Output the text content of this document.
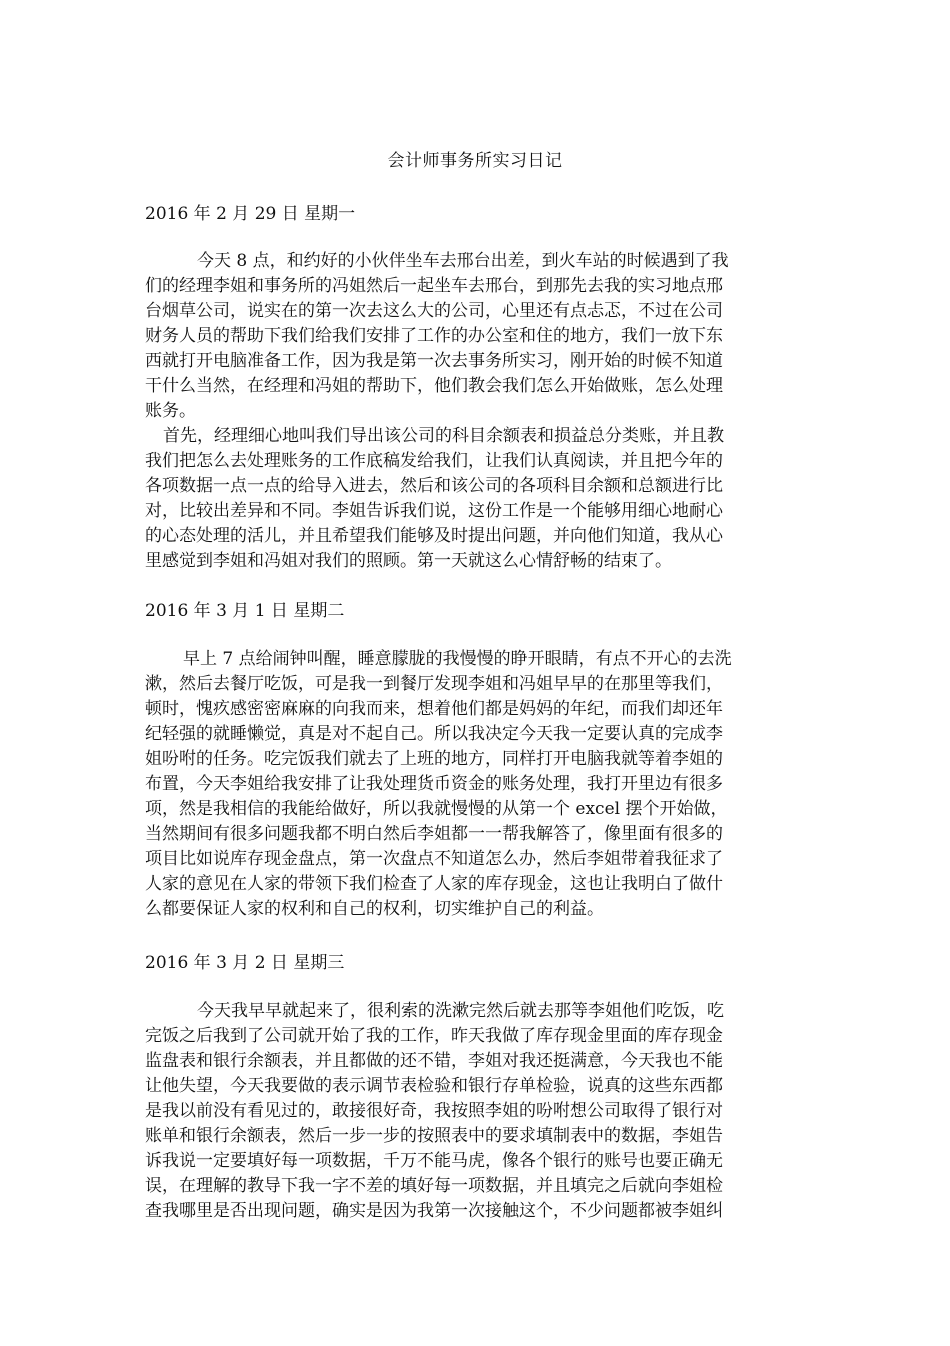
会计师事务所实习日记
2016 年 2 月 29 日 星期一
今天 8 点，和约好的小伙伴坐车去邢台出差，到火车站的时候遇到了我
们的经理李姐和事务所的冯姐然后一起坐车去邢台，到那先去我的实习地点邢
台烟草公司，说实在的第一次去这么大的公司，心里还有点忐忑，不过在公司
财务人员的帮助下我们给我们安排了工作的办公室和住的地方，我们一放下东
西就打开电脑准备工作，因为我是第一次去事务所实习，刚开始的时候不知道
干什么当然，在经理和冯姐的帮助下，他们教会我们怎么开始做账，怎么处理
账务。
首先，经理细心地叫我们导出该公司的科目余额表和损益总分类账，并且教
我们把怎么去处理账务的工作底稿发给我们，让我们认真阅读，并且把今年的
各项数据一点一点的给导入进去，然后和该公司的各项科目余额和总额进行比
对，比较出差异和不同。李姐告诉我们说，这份工作是一个能够用细心地耐心
的心态处理的活儿，并且希望我们能够及时提出问题，并向他们知道，我从心
里感觉到李姐和冯姐对我们的照顾。第一天就这么心情舒畅的结束了。
2016 年 3 月 1 日 星期二
早上 7 点给闹钟叫醒，睡意朦胧的我慢慢的睁开眼睛，有点不开心的去洗
漱，然后去餐厅吃饭，可是我一到餐厅发现李姐和冯姐早早的在那里等我们，
顿时，愧疚感密密麻麻的向我而来，想着他们都是妈妈的年纪，而我们却还年
纪轻强的就睡懒觉，真是对不起自己。所以我决定今天我一定要认真的完成李
姐吩咐的任务。吃完饭我们就去了上班的地方，同样打开电脑我就等着李姐的
布置，今天李姐给我安排了让我处理货币资金的账务处理，我打开里边有很多
项，然是我相信的我能给做好，所以我就慢慢的从第一个 excel 摆个开始做，
当然期间有很多问题我都不明白然后李姐都一一帮我解答了，像里面有很多的
项目比如说库存现金盘点，第一次盘点不知道怎么办，然后李姐带着我征求了
人家的意见在人家的带领下我们检查了人家的库存现金，这也让我明白了做什
么都要保证人家的权利和自己的权利，切实维护自己的利益。
2016 年 3 月 2 日 星期三
今天我早早就起来了，很利索的洗漱完然后就去那等李姐他们吃饭，吃
完饭之后我到了公司就开始了我的工作，昨天我做了库存现金里面的库存现金
监盘表和银行余额表，并且都做的还不错，李姐对我还挺满意，今天我也不能
让他失望，今天我要做的表示调节表检验和银行存单检验，说真的这些东西都
是我以前没有看见过的，敢接很好奇，我按照李姐的吩咐想公司取得了银行对
账单和银行余额表，然后一步一步的按照表中的要求填制表中的数据，李姐告
诉我说一定要填好每一项数据，千万不能马虎，像各个银行的账号也要正确无
误，在理解的教导下我一字不差的填好每一项数据，并且填完之后就向李姐检
查我哪里是否出现问题，确实是因为我第一次接触这个，不少问题都被李姐纠
